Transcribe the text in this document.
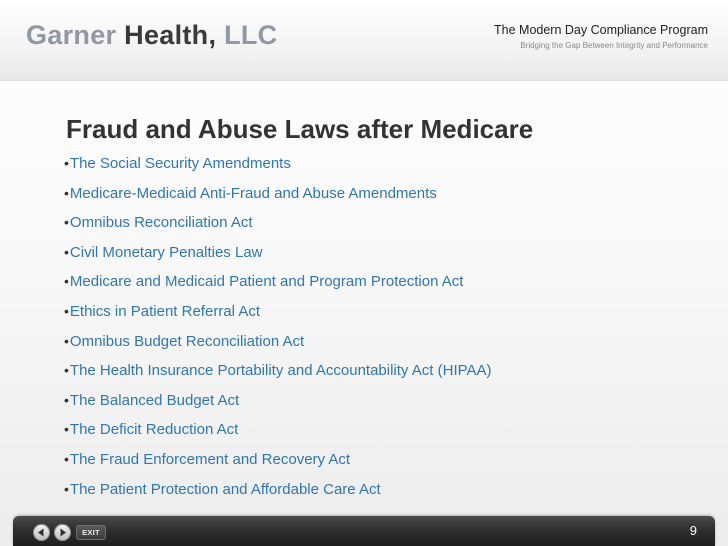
Garner Health, LLC	The Modern Day Compliance Program
Bridging the Gap Between Integrity and Performance
Fraud and Abuse Laws after Medicare
•The Social Security Amendments
•Medicare-Medicaid Anti-Fraud and Abuse Amendments
•Omnibus Reconciliation Act
•Civil Monetary Penalties Law
•Medicare and Medicaid Patient and Program Protection Act
•Ethics in Patient Referral Act
•Omnibus Budget Reconciliation Act
•The Health Insurance Portability and Accountability Act (HIPAA)
•The Balanced Budget Act
•The Deficit Reduction Act
•The Fraud Enforcement and Recovery Act
•The Patient Protection and Affordable Care Act
EXIT	9
